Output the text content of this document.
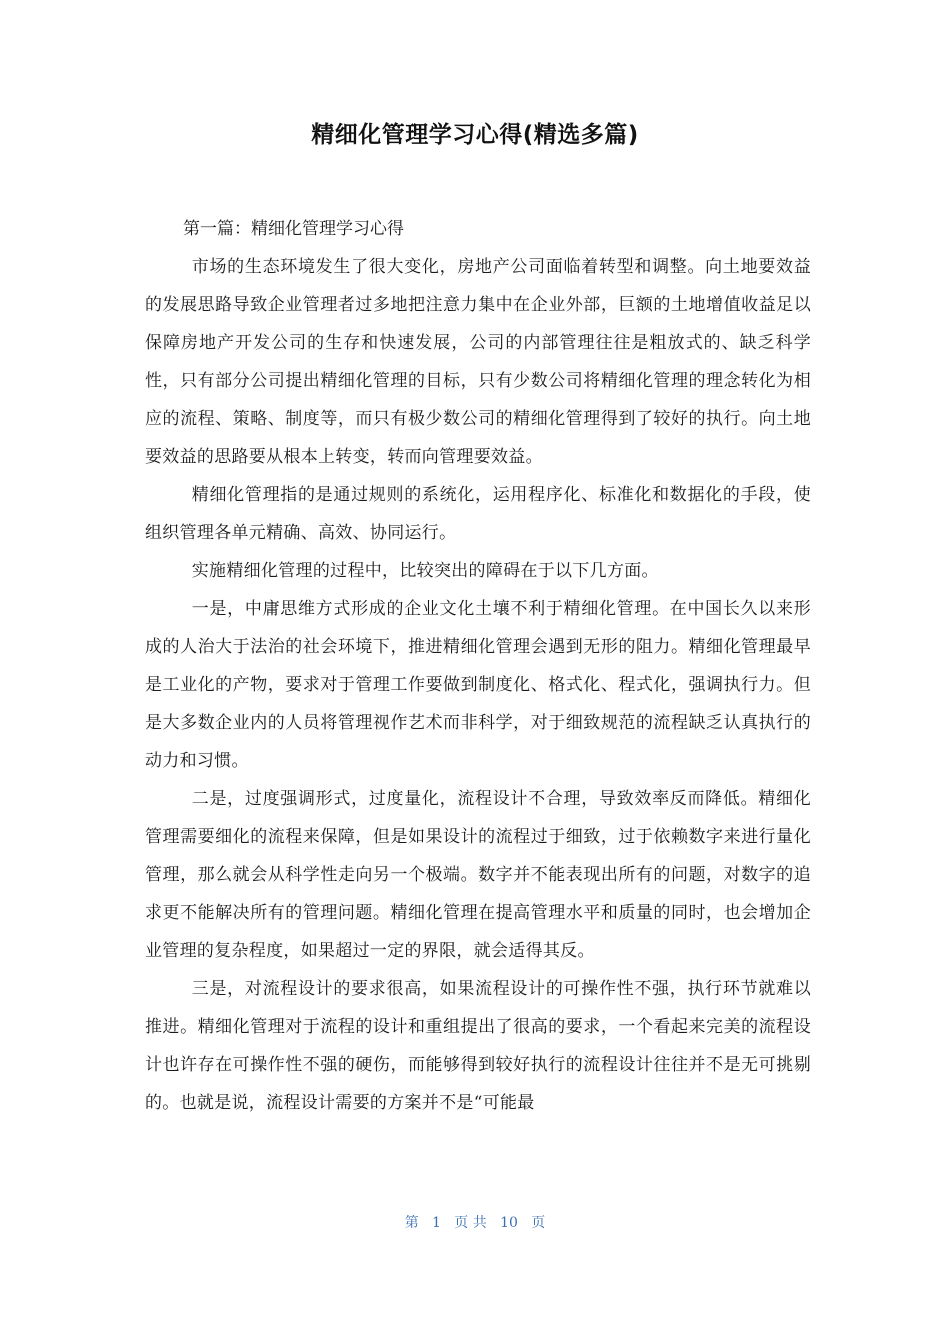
精细化管理学习心得(精选多篇)

第一篇：精细化管理学习心得

市场的生态环境发生了很大变化，房地产公司面临着转型和调整。向土地要效益的发展思路导致企业管理者过多地把注意力集中在企业外部，巨额的土地增值收益足以保障房地产开发公司的生存和快速发展，公司的内部管理往往是粗放式的、缺乏科学性，只有部分公司提出精细化管理的目标，只有少数公司将精细化管理的理念转化为相应的流程、策略、制度等，而只有极少数公司的精细化管理得到了较好的执行。向土地要效益的思路要从根本上转变，转而向管理要效益。

精细化管理指的是通过规则的系统化，运用程序化、标准化和数据化的手段，使组织管理各单元精确、高效、协同运行。

实施精细化管理的过程中，比较突出的障碍在于以下几方面。

一是，中庸思维方式形成的企业文化土壤不利于精细化管理。在中国长久以来形成的人治大于法治的社会环境下，推进精细化管理会遇到无形的阻力。精细化管理最早是工业化的产物，要求对于管理工作要做到制度化、格式化、程式化，强调执行力。但是大多数企业内的人员将管理视作艺术而非科学，对于细致规范的流程缺乏认真执行的动力和习惯。

二是，过度强调形式，过度量化，流程设计不合理，导致效率反而降低。精细化管理需要细化的流程来保障，但是如果设计的流程过于细致，过于依赖数字来进行量化管理，那么就会从科学性走向另一个极端。数字并不能表现出所有的问题，对数字的追求更不能解决所有的管理问题。精细化管理在提高管理水平和质量的同时，也会增加企业管理的复杂程度，如果超过一定的界限，就会适得其反。

三是，对流程设计的要求很高，如果流程设计的可操作性不强，执行环节就难以推进。精细化管理对于流程的设计和重组提出了很高的要求，一个看起来完美的流程设计也许存在可操作性不强的硬伤，而能够得到较好执行的流程设计往往并不是无可挑剔的。也就是说，流程设计需要的方案并不是“可能最

第   1   页 共   10   页
